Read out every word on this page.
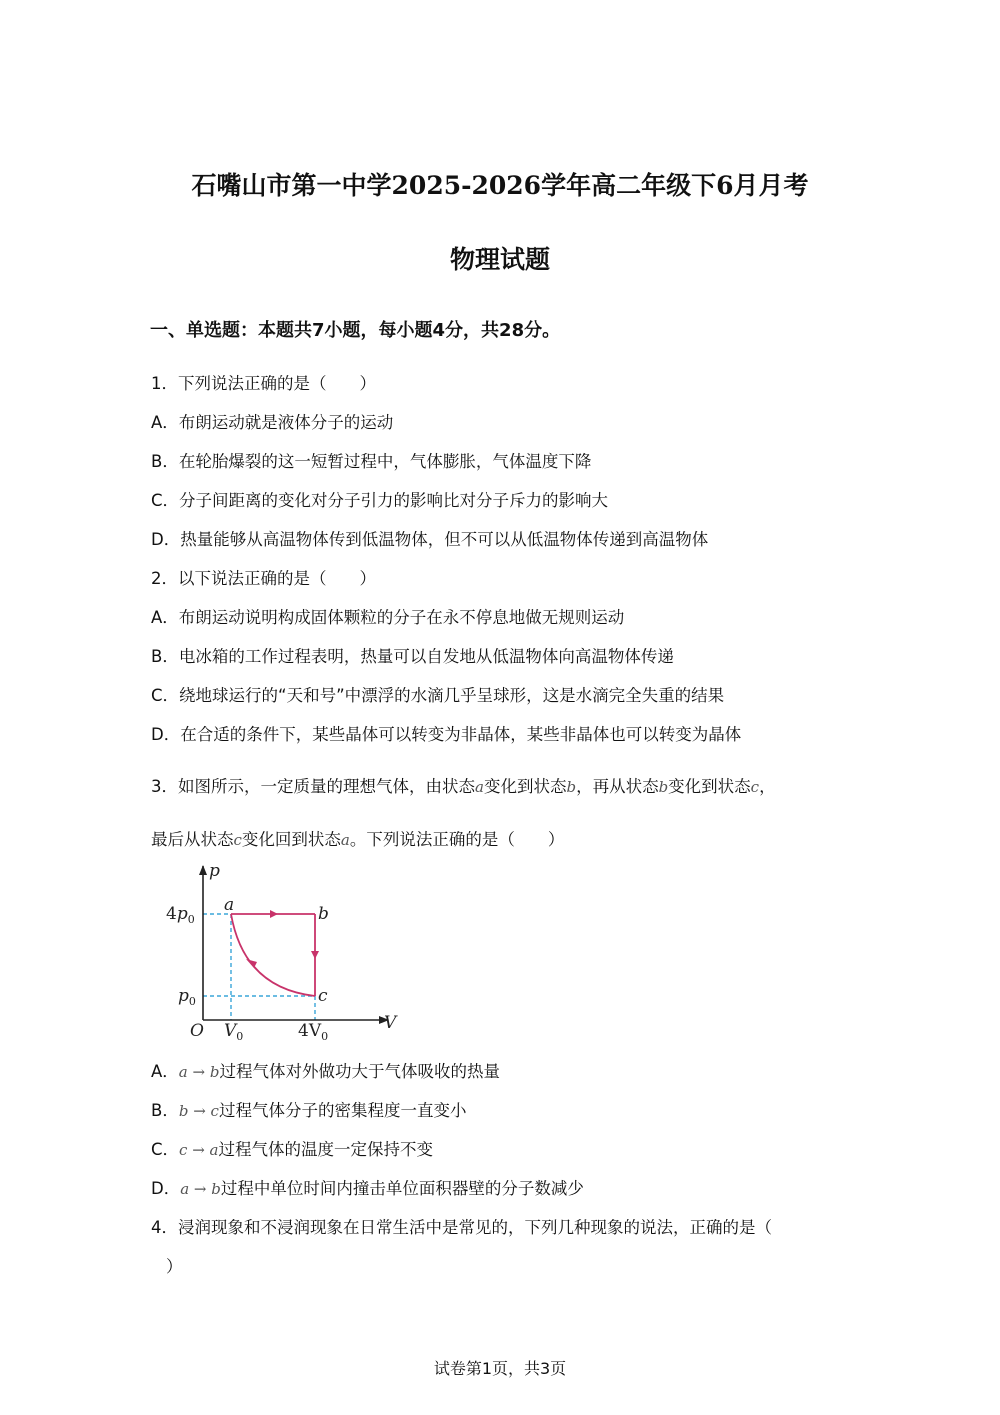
石嘴山市第一中学2025-2026学年高二年级下6月月考
物理试题
一、单选题：本题共7小题，每小题4分，共28分。
1．下列说法正确的是（　　）
A．布朗运动就是液体分子的运动
B．在轮胎爆裂的这一短暂过程中，气体膨胀，气体温度下降
C．分子间距离的变化对分子引力的影响比对分子斥力的影响大
D．热量能够从高温物体传到低温物体，但不可以从低温物体传递到高温物体
2．以下说法正确的是（　　）
A．布朗运动说明构成固体颗粒的分子在永不停息地做无规则运动
B．电冰箱的工作过程表明，热量可以自发地从低温物体向高温物体传递
C．绕地球运行的“天和号”中漂浮的水滴几乎呈球形，这是水滴完全失重的结果
D．在合适的条件下，某些晶体可以转变为非晶体，某些非晶体也可以转变为晶体
3．如图所示，一定质量的理想气体，由状态a变化到状态b，再从状态b变化到状态c，
最后从状态c变化回到状态a。下列说法正确的是（　　）
p
V
O
a	b
c
$4p_0$
$p_0$
$V_0$	$4V_0$
A．a → b过程气体对外做功大于气体吸收的热量
B．b → c过程气体分子的密集程度一直变小
C．c → a过程气体的温度一定保持不变
D．a → b过程中单位时间内撞击单位面积器壁的分子数减少
4．浸润现象和不浸润现象在日常生活中是常见的，下列几种现象的说法，正确的是（
）
试卷第1页，共3页
